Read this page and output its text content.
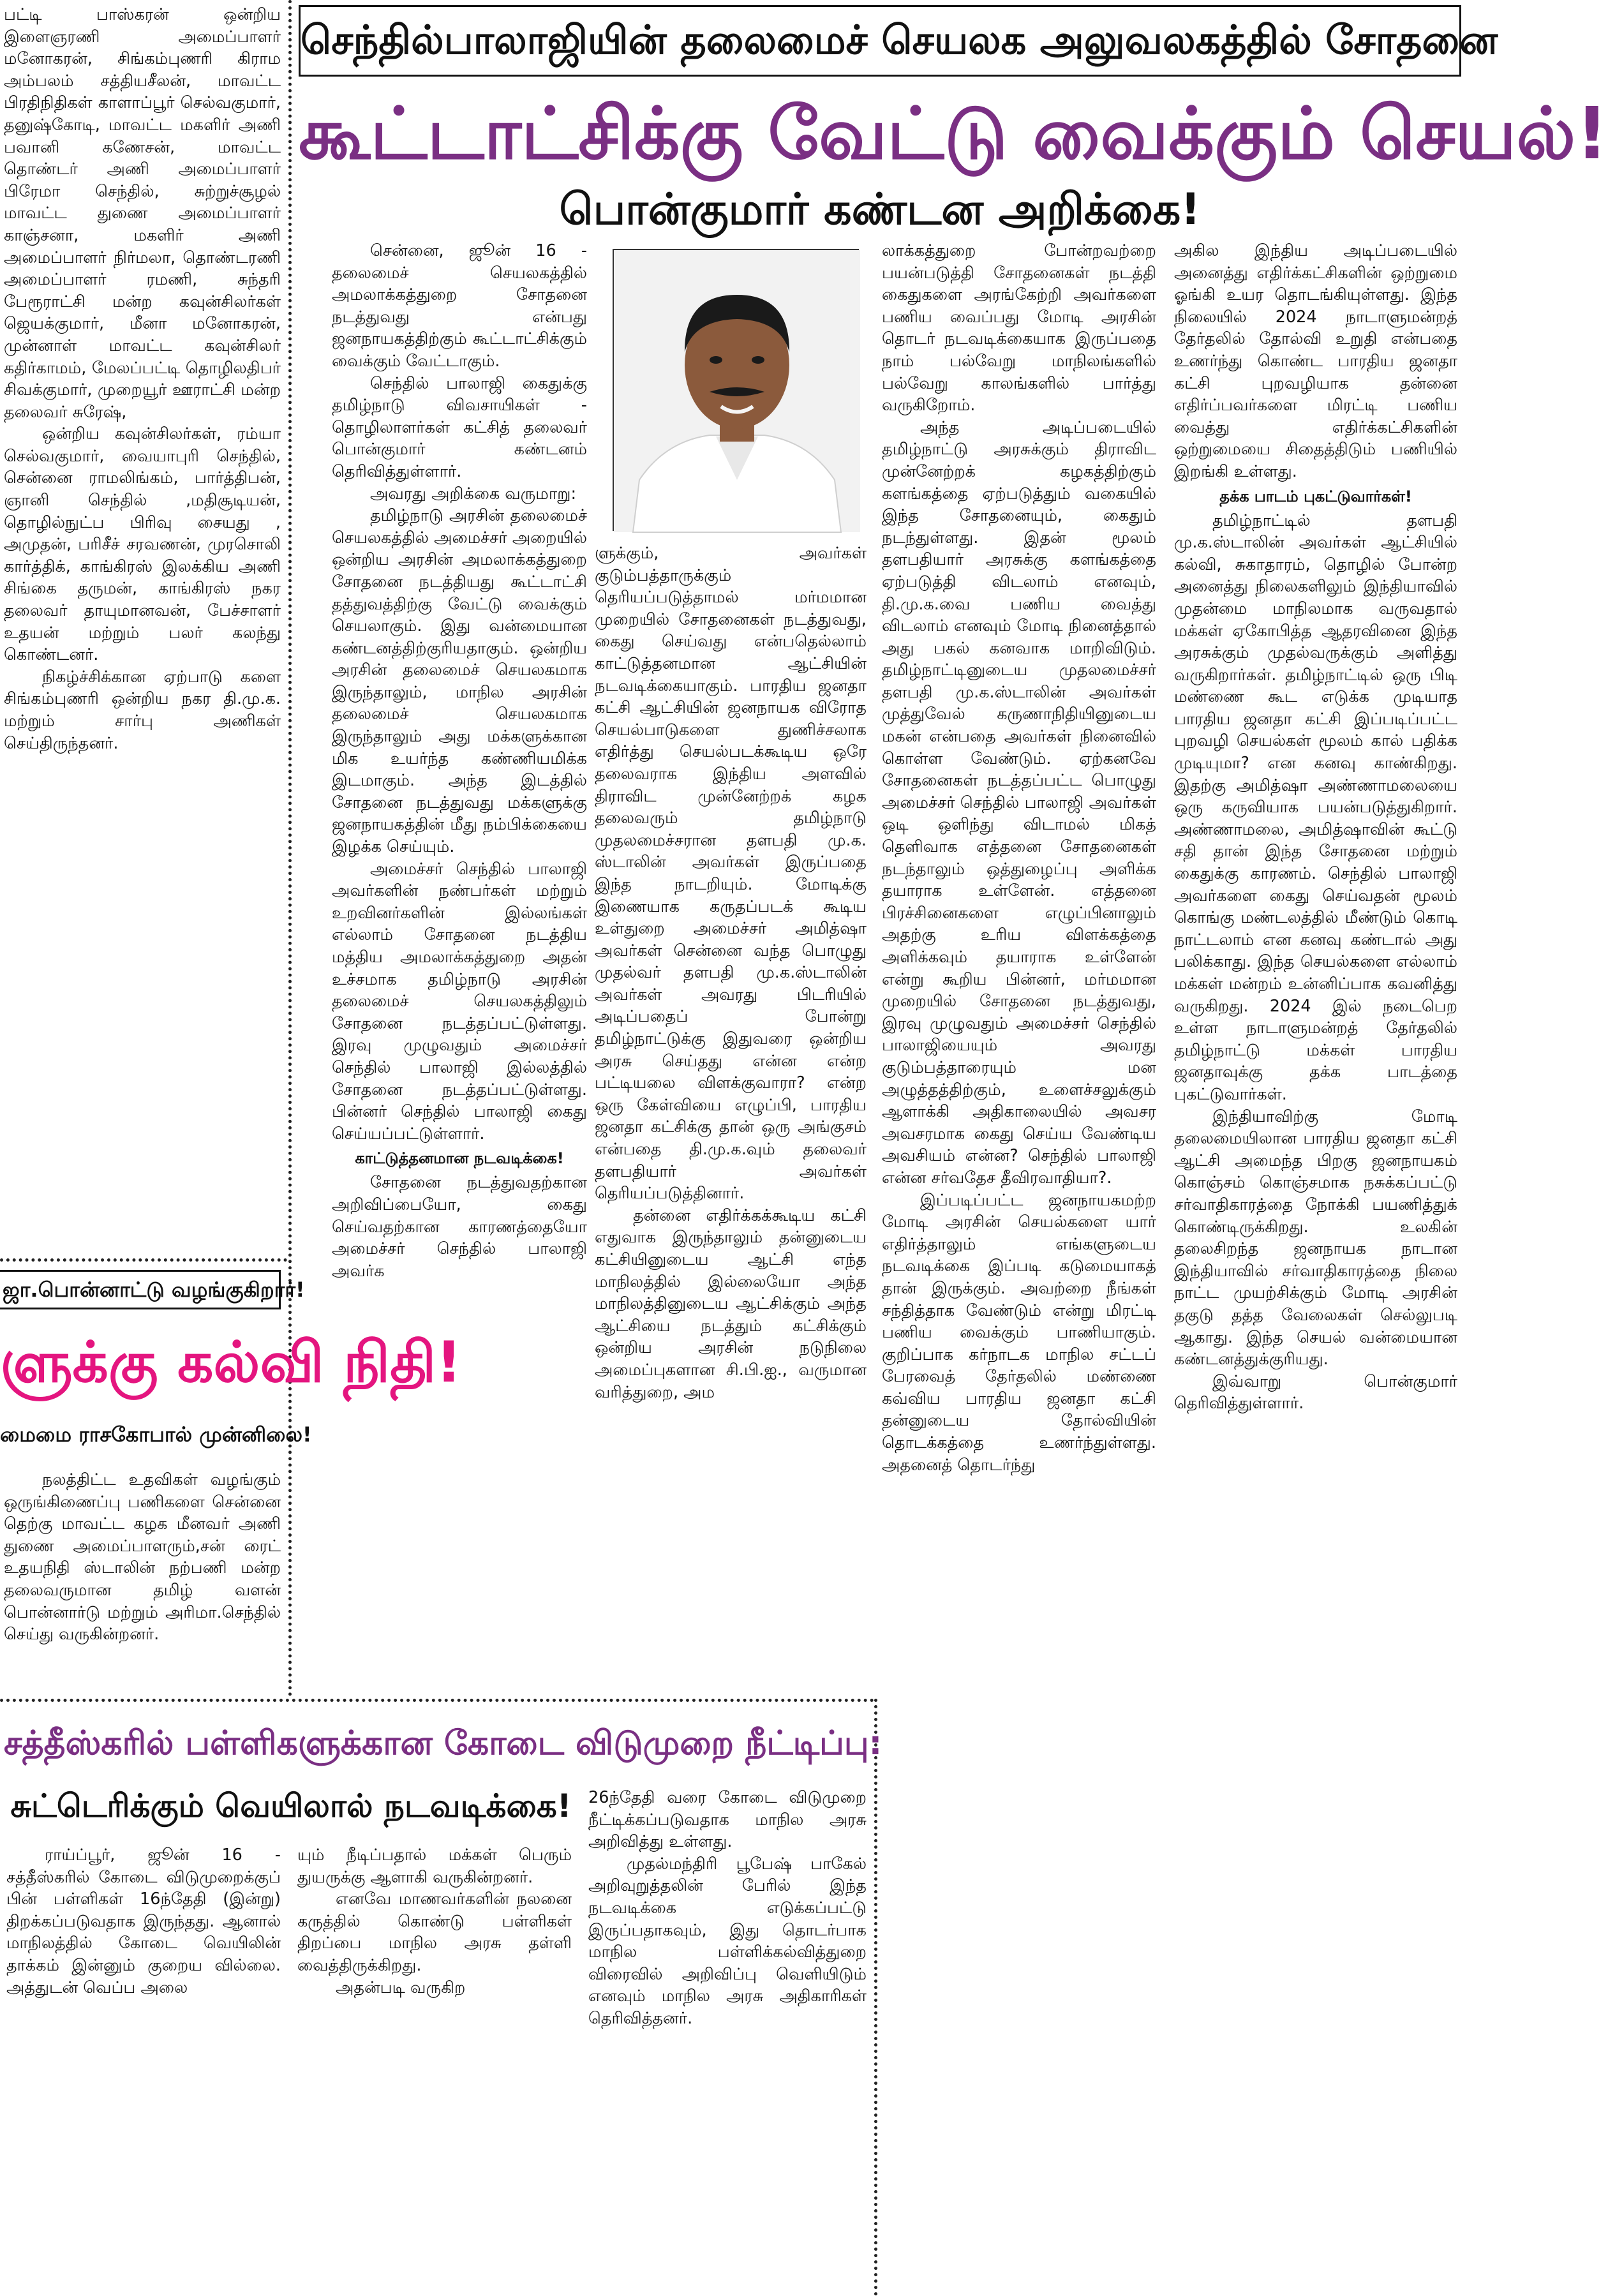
பட்டி பாஸ்கரன் ஒன்றிய இளைஞரணி அமைப்பாளர் மனோகரன், சிங்கம்புணரி கிராம அம்பலம் சத்தியசீலன், மாவட்ட பிரதிநிதிகள் காளாப்பூர் செல்வகுமார், தனுஷ்கோடி, மாவட்ட மகளிர் அணி பவானி கணேசன், மாவட்ட தொண்டர் அணி அமைப்பாளர் பிரேமா செந்தில், சுற்றுச்சூழல் மாவட்ட துணை அமைப்பாளர் காஞ்சனா, மகளிர் அணி அமைப்பாளர் நிர்மலா, தொண்டரணி அமைப்பாளர் ரமணி, சுந்தரி பேரூராட்சி மன்ற கவுன்சிலர்கள் ஜெயக்குமார், மீனா மனோகரன், முன்னாள் மாவட்ட கவுன்சிலர் கதிர்காமம், மேலப்பட்டி தொழிலதிபர் சிவக்குமார், முறையூர் ஊராட்சி மன்ற தலைவர் சுரேஷ்,

ஒன்றிய கவுன்சிலர்கள், ரம்யா செல்வகுமார், வையாபுரி செந்தில், சென்னை ராமலிங்கம், பார்த்திபன், ஞானி செந்தில் ,மதிசூடியன், தொழில்நுட்ப பிரிவு சையது , அமுதன், பரிசீச் சரவணன், முரசொலி கார்த்திக், காங்கிரஸ் இலக்கிய அணி சிங்கை தருமன், காங்கிரஸ் நகர தலைவர் தாயுமானவன், பேச்சாளர் உதயன் மற்றும் பலர் கலந்து கொண்டனர்.

நிகழ்ச்சிக்கான ஏற்பாடு களை சிங்கம்புணரி ஒன்றிய நகர தி.மு.க. மற்றும் சார்பு அணிகள் செய்திருந்தனர்.

ஜா.பொன்னாட்டு வழங்குகிறார்!
ளுக்கு கல்வி நிதி!
மைமை ராசகோபால் முன்னிலை!

நலத்திட்ட உதவிகள் வழங்கும் ஒருங்கிணைப்பு பணிகளை சென்னை தெற்கு மாவட்ட கழக மீனவர் அணி துணை அமைப்பாளரும்,சன் ரைட் உதயநிதி ஸ்டாலின் நற்பணி மன்ற தலைவருமான தமிழ் வளன் பொன்னார்டு மற்றும் அரிமா.செந்தில் செய்து வருகின்றனர்.

செந்தில்பாலாஜியின் தலைமைச் செயலக அலுவலகத்தில் சோதனை
கூட்டாட்சிக்கு வேட்டு வைக்கும் செயல்!
பொன்குமார் கண்டன அறிக்கை!

சென்னை, ஜூன் 16 - தலைமைச் செயலகத்தில் அமலாக்கத்துறை சோதனை நடத்துவது என்பது ஜனநாயகத்திற்கும் கூட்டாட்சிக்கும் வைக்கும் வேட்டாகும்.

செந்தில் பாலாஜி கைதுக்கு தமிழ்நாடு விவசாயிகள் - தொழிலாளர்கள் கட்சித் தலைவர் பொன்குமார் கண்டனம் தெரிவித்துள்ளார்.

அவரது அறிக்கை வருமாறு:

தமிழ்நாடு அரசின் தலைமைச் செயலகத்தில் அமைச்சர் அறையில் ஒன்றிய அரசின் அமலாக்கத்துறை சோதனை நடத்தியது கூட்டாட்சி தத்துவத்திற்கு வேட்டு வைக்கும் செயலாகும். இது வன்மையான கண்டனத்திற்குரியதாகும். ஒன்றிய அரசின் தலைமைச் செயலகமாக இருந்தாலும், மாநில அரசின் தலைமைச் செயலகமாக இருந்தாலும் அது மக்களுக்கான மிக உயர்ந்த கண்ணியமிக்க இடமாகும். அந்த இடத்தில் சோதனை நடத்துவது மக்களுக்கு ஜனநாயகத்தின் மீது நம்பிக்கையை இழக்க செய்யும்.

அமைச்சர் செந்தில் பாலாஜி அவர்களின் நண்பர்கள் மற்றும் உறவினர்களின் இல்லங்கள் எல்லாம் சோதனை நடத்திய மத்திய அமலாக்கத்துறை அதன் உச்சமாக தமிழ்நாடு அரசின் தலைமைச் செயலகத்திலும் சோதனை நடத்தப்பட்டுள்ளது. இரவு முழுவதும் அமைச்சர் செந்தில் பாலாஜி இல்லத்தில் சோதனை நடத்தப்பட்டுள்ளது. பின்னர் செந்தில் பாலாஜி கைது செய்யப்பட்டுள்ளார்.

காட்டுத்தனமான நடவடிக்கை!

சோதனை நடத்துவதற்கான அறிவிப்பையோ, கைது செய்வதற்கான காரணத்தையோ அமைச்சர் செந்தில் பாலாஜி அவர்க

ளுக்கும், அவர்கள் குடும்பத்தாருக்கும் தெரியப்படுத்தாமல் மர்மமான முறையில் சோதனைகள் நடத்துவது, கைது செய்வது என்பதெல்லாம் காட்டுத்தனமான ஆட்சியின் நடவடிக்கையாகும். பாரதிய ஜனதா கட்சி ஆட்சியின் ஜனநாயக விரோத செயல்பாடுகளை துணிச்சலாக எதிர்த்து செயல்படக்கூடிய ஒரே தலைவராக இந்திய அளவில் திராவிட முன்னேற்றக் கழக தலைவரும் தமிழ்நாடு முதலமைச்சரான தளபதி மு.க. ஸ்டாலின் அவர்கள் இருப்பதை இந்த நாடறியும். மோடிக்கு இணையாக கருதப்படக் கூடிய உள்துறை அமைச்சர் அமித்ஷா அவர்கள் சென்னை வந்த பொழுது முதல்வர் தளபதி மு.க.ஸ்டாலின் அவர்கள் அவரது பிடரியில் அடிப்பதைப் போன்று தமிழ்நாட்டுக்கு இதுவரை ஒன்றிய அரசு செய்தது என்ன என்ற பட்டியலை விளக்குவாரா? என்ற ஒரு கேள்வியை எழுப்பி, பாரதிய ஜனதா கட்சிக்கு தான் ஒரு அங்குசம் என்பதை தி.மு.க.வும் தலைவர் தளபதியார் அவர்கள் தெரியப்படுத்தினார்.

தன்னை எதிர்க்கக்கூடிய கட்சி எதுவாக இருந்தாலும் தன்னுடைய கட்சியினுடைய ஆட்சி எந்த மாநிலத்தில் இல்லையோ அந்த மாநிலத்தினுடைய ஆட்சிக்கும் அந்த ஆட்சியை நடத்தும் கட்சிக்கும் ஒன்றிய அரசின் நடுநிலை அமைப்புகளான சி.பி.ஐ., வருமான வரித்துறை, அம

லாக்கத்துறை போன்றவற்றை பயன்படுத்தி சோதனைகள் நடத்தி கைதுகளை அரங்கேற்றி அவர்களை பணிய வைப்பது மோடி அரசின் தொடர் நடவடிக்கையாக இருப்பதை நாம் பல்வேறு மாநிலங்களில் பல்வேறு காலங்களில் பார்த்து வருகிறோம்.

அந்த அடிப்படையில் தமிழ்நாட்டு அரசுக்கும் திராவிட முன்னேற்றக் கழகத்திற்கும் களங்கத்தை ஏற்படுத்தும் வகையில் இந்த சோதனையும், கைதும் நடந்துள்ளது. இதன் மூலம் தளபதியார் அரசுக்கு களங்கத்தை ஏற்படுத்தி விடலாம் எனவும், தி.மு.க.வை பணிய வைத்து விடலாம் எனவும் மோடி நினைத்தால் அது பகல் கனவாக மாறிவிடும். தமிழ்நாட்டினுடைய முதலமைச்சர் தளபதி மு.க.ஸ்டாலின் அவர்கள் முத்துவேல் கருணாநிதியினுடைய மகன் என்பதை அவர்கள் நினைவில் கொள்ள வேண்டும். ஏற்கனவே சோதனைகள் நடத்தப்பட்ட பொழுது அமைச்சர் செந்தில் பாலாஜி அவர்கள் ஒடி ஒளிந்து விடாமல் மிகத் தெளிவாக எத்தனை சோதனைகள் நடந்தாலும் ஒத்துழைப்பு அளிக்க தயாராக உள்ளேன். எத்தனை பிரச்சினைகளை எழுப்பினாலும் அதற்கு உரிய விளக்கத்தை அளிக்கவும் தயாராக உள்ளேன் என்று கூறிய பின்னர், மர்மமான முறையில் சோதனை நடத்துவது, இரவு முழுவதும் அமைச்சர் செந்தில் பாலாஜியையும் அவரது குடும்பத்தாரையும் மன அழுத்தத்திற்கும், உளைச்சலுக்கும் ஆளாக்கி அதிகாலையில் அவசர அவசரமாக கைது செய்ய வேண்டிய அவசியம் என்ன? செந்தில் பாலாஜி என்ன சர்வதேச தீவிரவாதியா?.

இப்படிப்பட்ட ஜனநாயகமற்ற மோடி அரசின் செயல்களை யார் எதிர்த்தாலும் எங்களுடைய நடவடிக்கை இப்படி கடுமையாகத் தான் இருக்கும். அவற்றை நீங்கள் சந்தித்தாக வேண்டும் என்று மிரட்டி பணிய வைக்கும் பாணியாகும். குறிப்பாக கர்நாடக மாநில சட்டப் பேரவைத் தேர்தலில் மண்ணை கவ்விய பாரதிய ஜனதா கட்சி தன்னுடைய தோல்வியின் தொடக்கத்தை உணர்ந்துள்ளது. அதனைத் தொடர்ந்து

அகில இந்திய அடிப்படையில் அனைத்து எதிர்க்கட்சிகளின் ஒற்றுமை ஓங்கி உயர தொடங்கியுள்ளது. இந்த நிலையில் 2024 நாடாளுமன்றத் தேர்தலில் தோல்வி உறுதி என்பதை உணர்ந்து கொண்ட பாரதிய ஜனதா கட்சி புறவழியாக தன்னை எதிர்ப்பவர்களை மிரட்டி பணிய வைத்து எதிர்க்கட்சிகளின் ஒற்றுமையை சிதைத்திடும் பணியில் இறங்கி உள்ளது.

தக்க பாடம் புகட்டுவார்கள்!

தமிழ்நாட்டில் தளபதி மு.க.ஸ்டாலின் அவர்கள் ஆட்சியில் கல்வி, சுகாதாரம், தொழில் போன்ற அனைத்து நிலைகளிலும் இந்தியாவில் முதன்மை மாநிலமாக வருவதால் மக்கள் ஏகோபித்த ஆதரவினை இந்த அரசுக்கும் முதல்வருக்கும் அளித்து வருகிறார்கள். தமிழ்நாட்டில் ஒரு பிடி மண்ணை கூட எடுக்க முடியாத பாரதிய ஜனதா கட்சி இப்படிப்பட்ட புறவழி செயல்கள் மூலம் கால் பதிக்க முடியுமா? என கனவு காண்கிறது. இதற்கு அமித்ஷா அண்ணாமலையை ஒரு கருவியாக பயன்படுத்துகிறார். அண்ணாமலை, அமித்ஷாவின் கூட்டு சதி தான் இந்த சோதனை மற்றும் கைதுக்கு காரணம். செந்தில் பாலாஜி அவர்களை கைது செய்வதன் மூலம் கொங்கு மண்டலத்தில் மீண்டும் கொடி நாட்டலாம் என கனவு கண்டால் அது பலிக்காது. இந்த செயல்களை எல்லாம் மக்கள் மன்றம் உன்னிப்பாக கவனித்து வருகிறது. 2024 இல் நடைபெற உள்ள நாடாளுமன்றத் தேர்தலில் தமிழ்நாட்டு மக்கள் பாரதிய ஜனதாவுக்கு தக்க பாடத்தை புகட்டுவார்கள்.

இந்தியாவிற்கு மோடி தலைமையிலான பாரதிய ஜனதா கட்சி ஆட்சி அமைந்த பிறகு ஜனநாயகம் கொஞ்சம் கொஞ்சமாக நசுக்கப்பட்டு சர்வாதிகாரத்தை நோக்கி பயணித்துக் கொண்டிருக்கிறது. உலகின் தலைசிறந்த ஜனநாயக நாடான இந்தியாவில் சர்வாதிகாரத்தை நிலை நாட்ட முயற்சிக்கும் மோடி அரசின் தகுடு தத்த வேலைகள் செல்லுபடி ஆகாது. இந்த செயல் வன்மையான கண்டனத்துக்குரியது.

இவ்வாறு பொன்குமார் தெரிவித்துள்ளார்.

சத்தீஸ்கரில் பள்ளிகளுக்கான கோடை விடுமுறை நீட்டிப்பு:
சுட்டெரிக்கும் வெயிலால் நடவடிக்கை!

ராய்ப்பூர், ஜூன் 16 - சத்தீஸ்கரில் கோடை விடுமுறைக்குப் பின் பள்ளிகள் 16ந்தேதி (இன்று) திறக்கப்படுவதாக இருந்தது. ஆனால் மாநிலத்தில் கோடை வெயிலின் தாக்கம் இன்னும் குறைய வில்லை. அத்துடன் வெப்ப அலை

யும் நீடிப்பதால் மக்கள் பெரும் துயருக்கு ஆளாகி வருகின்றனர்.

எனவே மாணவர்களின் நலனை கருத்தில் கொண்டு பள்ளிகள் திறப்பை மாநில அரசு தள்ளி வைத்திருக்கிறது.

அதன்படி வருகிற

26ந்தேதி வரை கோடை விடுமுறை நீட்டிக்கப்படுவதாக மாநில அரசு அறிவித்து உள்ளது.

முதல்மந்திரி பூபேஷ் பாகேல் அறிவுறுத்தலின் பேரில் இந்த நடவடிக்கை எடுக்கப்பட்டு இருப்பதாகவும், இது தொடர்பாக மாநில பள்ளிக்கல்வித்துறை விரைவில் அறிவிப்பு வெளியிடும் எனவும் மாநில அரசு அதிகாரிகள் தெரிவித்தனர்.
